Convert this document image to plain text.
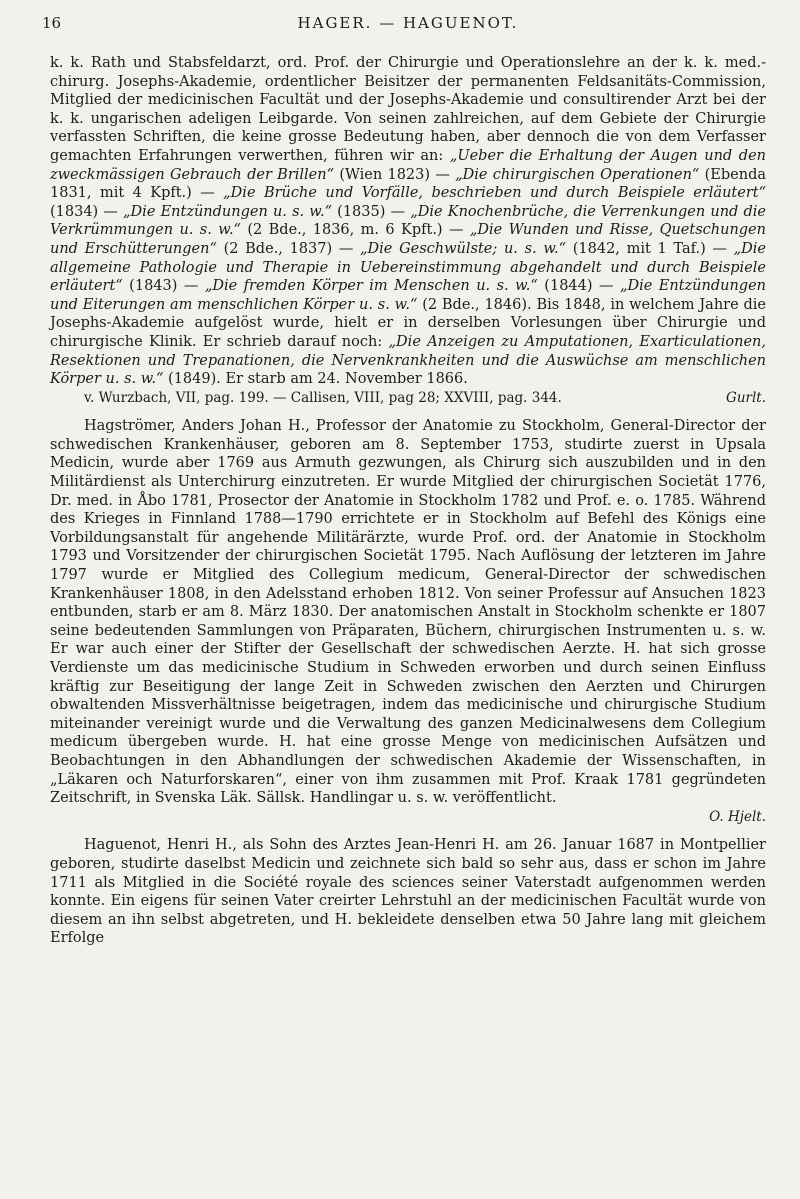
16	HAGER. — HAGUENOT.

k. k. Rath und Stabsfeldarzt, ord. Prof. der Chirurgie und Operationslehre an der k. k. med.-chirurg. Josephs-Akademie, ordentlicher Beisitzer der permanenten Feldsanitäts-Commission, Mitglied der medicinischen Facultät und der Josephs-Akademie und consultirender Arzt bei der k. k. ungarischen adeligen Leibgarde. Von seinen zahlreichen, auf dem Gebiete der Chirurgie verfassten Schriften, die keine grosse Bedeutung haben, aber dennoch die von dem Verfasser gemachten Erfahrungen verwerthen, führen wir an: „Ueber die Erhaltung der Augen und den zweckmässigen Gebrauch der Brillen“ (Wien 1823) — „Die chirurgischen Operationen“ (Ebenda 1831, mit 4 Kpft.) — „Die Brüche und Vorfälle, beschrieben und durch Beispiele erläutert“ (1834) — „Die Entzündungen u. s. w.“ (1835) — „Die Knochenbrüche, die Verrenkungen und die Verkrümmungen u. s. w.“ (2 Bde., 1836, m. 6 Kpft.) — „Die Wunden und Risse, Quetschungen und Erschütterungen“ (2 Bde., 1837) — „Die Geschwülste; u. s. w.“ (1842, mit 1 Taf.) — „Die allgemeine Pathologie und Therapie in Uebereinstimmung abgehandelt und durch Beispiele erläutert“ (1843) — „Die fremden Körper im Menschen u. s. w.“ (1844) — „Die Entzündungen und Eiterungen am menschlichen Körper u. s. w.“ (2 Bde., 1846). Bis 1848, in welchem Jahre die Josephs-Akademie aufgelöst wurde, hielt er in derselben Vorlesungen über Chirurgie und chirurgische Klinik. Er schrieb darauf noch: „Die Anzeigen zu Amputationen, Exarticulationen, Resektionen und Trepanationen, die Nervenkrankheiten und die Auswüchse am menschlichen Körper u. s. w.“ (1849). Er starb am 24. November 1866.

v. Wurzbach, VII, pag. 199. — Callisen, VIII, pag 28; XXVIII, pag. 344.	Gurlt.

Hagströmer, Anders Johan H., Professor der Anatomie zu Stockholm, General-Director der schwedischen Krankenhäuser, geboren am 8. September 1753, studirte zuerst in Upsala Medicin, wurde aber 1769 aus Armuth gezwungen, als Chirurg sich auszubilden und in den Militärdienst als Unterchirurg einzutreten. Er wurde Mitglied der chirurgischen Societät 1776, Dr. med. in Åbo 1781, Prosector der Anatomie in Stockholm 1782 und Prof. e. o. 1785. Während des Krieges in Finnland 1788—1790 errichtete er in Stockholm auf Befehl des Königs eine Vorbildungsanstalt für angehende Militärärzte, wurde Prof. ord. der Anatomie in Stockholm 1793 und Vorsitzender der chirurgischen Societät 1795. Nach Auflösung der letzteren im Jahre 1797 wurde er Mitglied des Collegium medicum, General-Director der schwedischen Krankenhäuser 1808, in den Adelsstand erhoben 1812. Von seiner Professur auf Ansuchen 1823 entbunden, starb er am 8. März 1830. Der anatomischen Anstalt in Stockholm schenkte er 1807 seine bedeutenden Sammlungen von Präparaten, Büchern, chirurgischen Instrumenten u. s. w. Er war auch einer der Stifter der Gesellschaft der schwedischen Aerzte. H. hat sich grosse Verdienste um das medicinische Studium in Schweden erworben und durch seinen Einfluss kräftig zur Beseitigung der lange Zeit in Schweden zwischen den Aerzten und Chirurgen obwaltenden Missverhältnisse beigetragen, indem das medicinische und chirurgische Studium miteinander vereinigt wurde und die Verwaltung des ganzen Medicinalwesens dem Collegium medicum übergeben wurde. H. hat eine grosse Menge von medicinischen Aufsätzen und Beobachtungen in den Abhandlungen der schwedischen Akademie der Wissenschaften, in „Läkaren och Naturforskaren“, einer von ihm zusammen mit Prof. Kraak 1781 gegründeten Zeitschrift, in Svenska Läk. Sällsk. Handlingar u. s. w. veröffentlicht.

O. Hjelt.

Haguenot, Henri H., als Sohn des Arztes Jean-Henri H. am 26. Januar 1687 in Montpellier geboren, studirte daselbst Medicin und zeichnete sich bald so sehr aus, dass er schon im Jahre 1711 als Mitglied in die Société royale des sciences seiner Vaterstadt aufgenommen werden konnte. Ein eigens für seinen Vater creirter Lehrstuhl an der medicinischen Facultät wurde von diesem an ihn selbst abgetreten, und H. bekleidete denselben etwa 50 Jahre lang mit gleichem Erfolge
